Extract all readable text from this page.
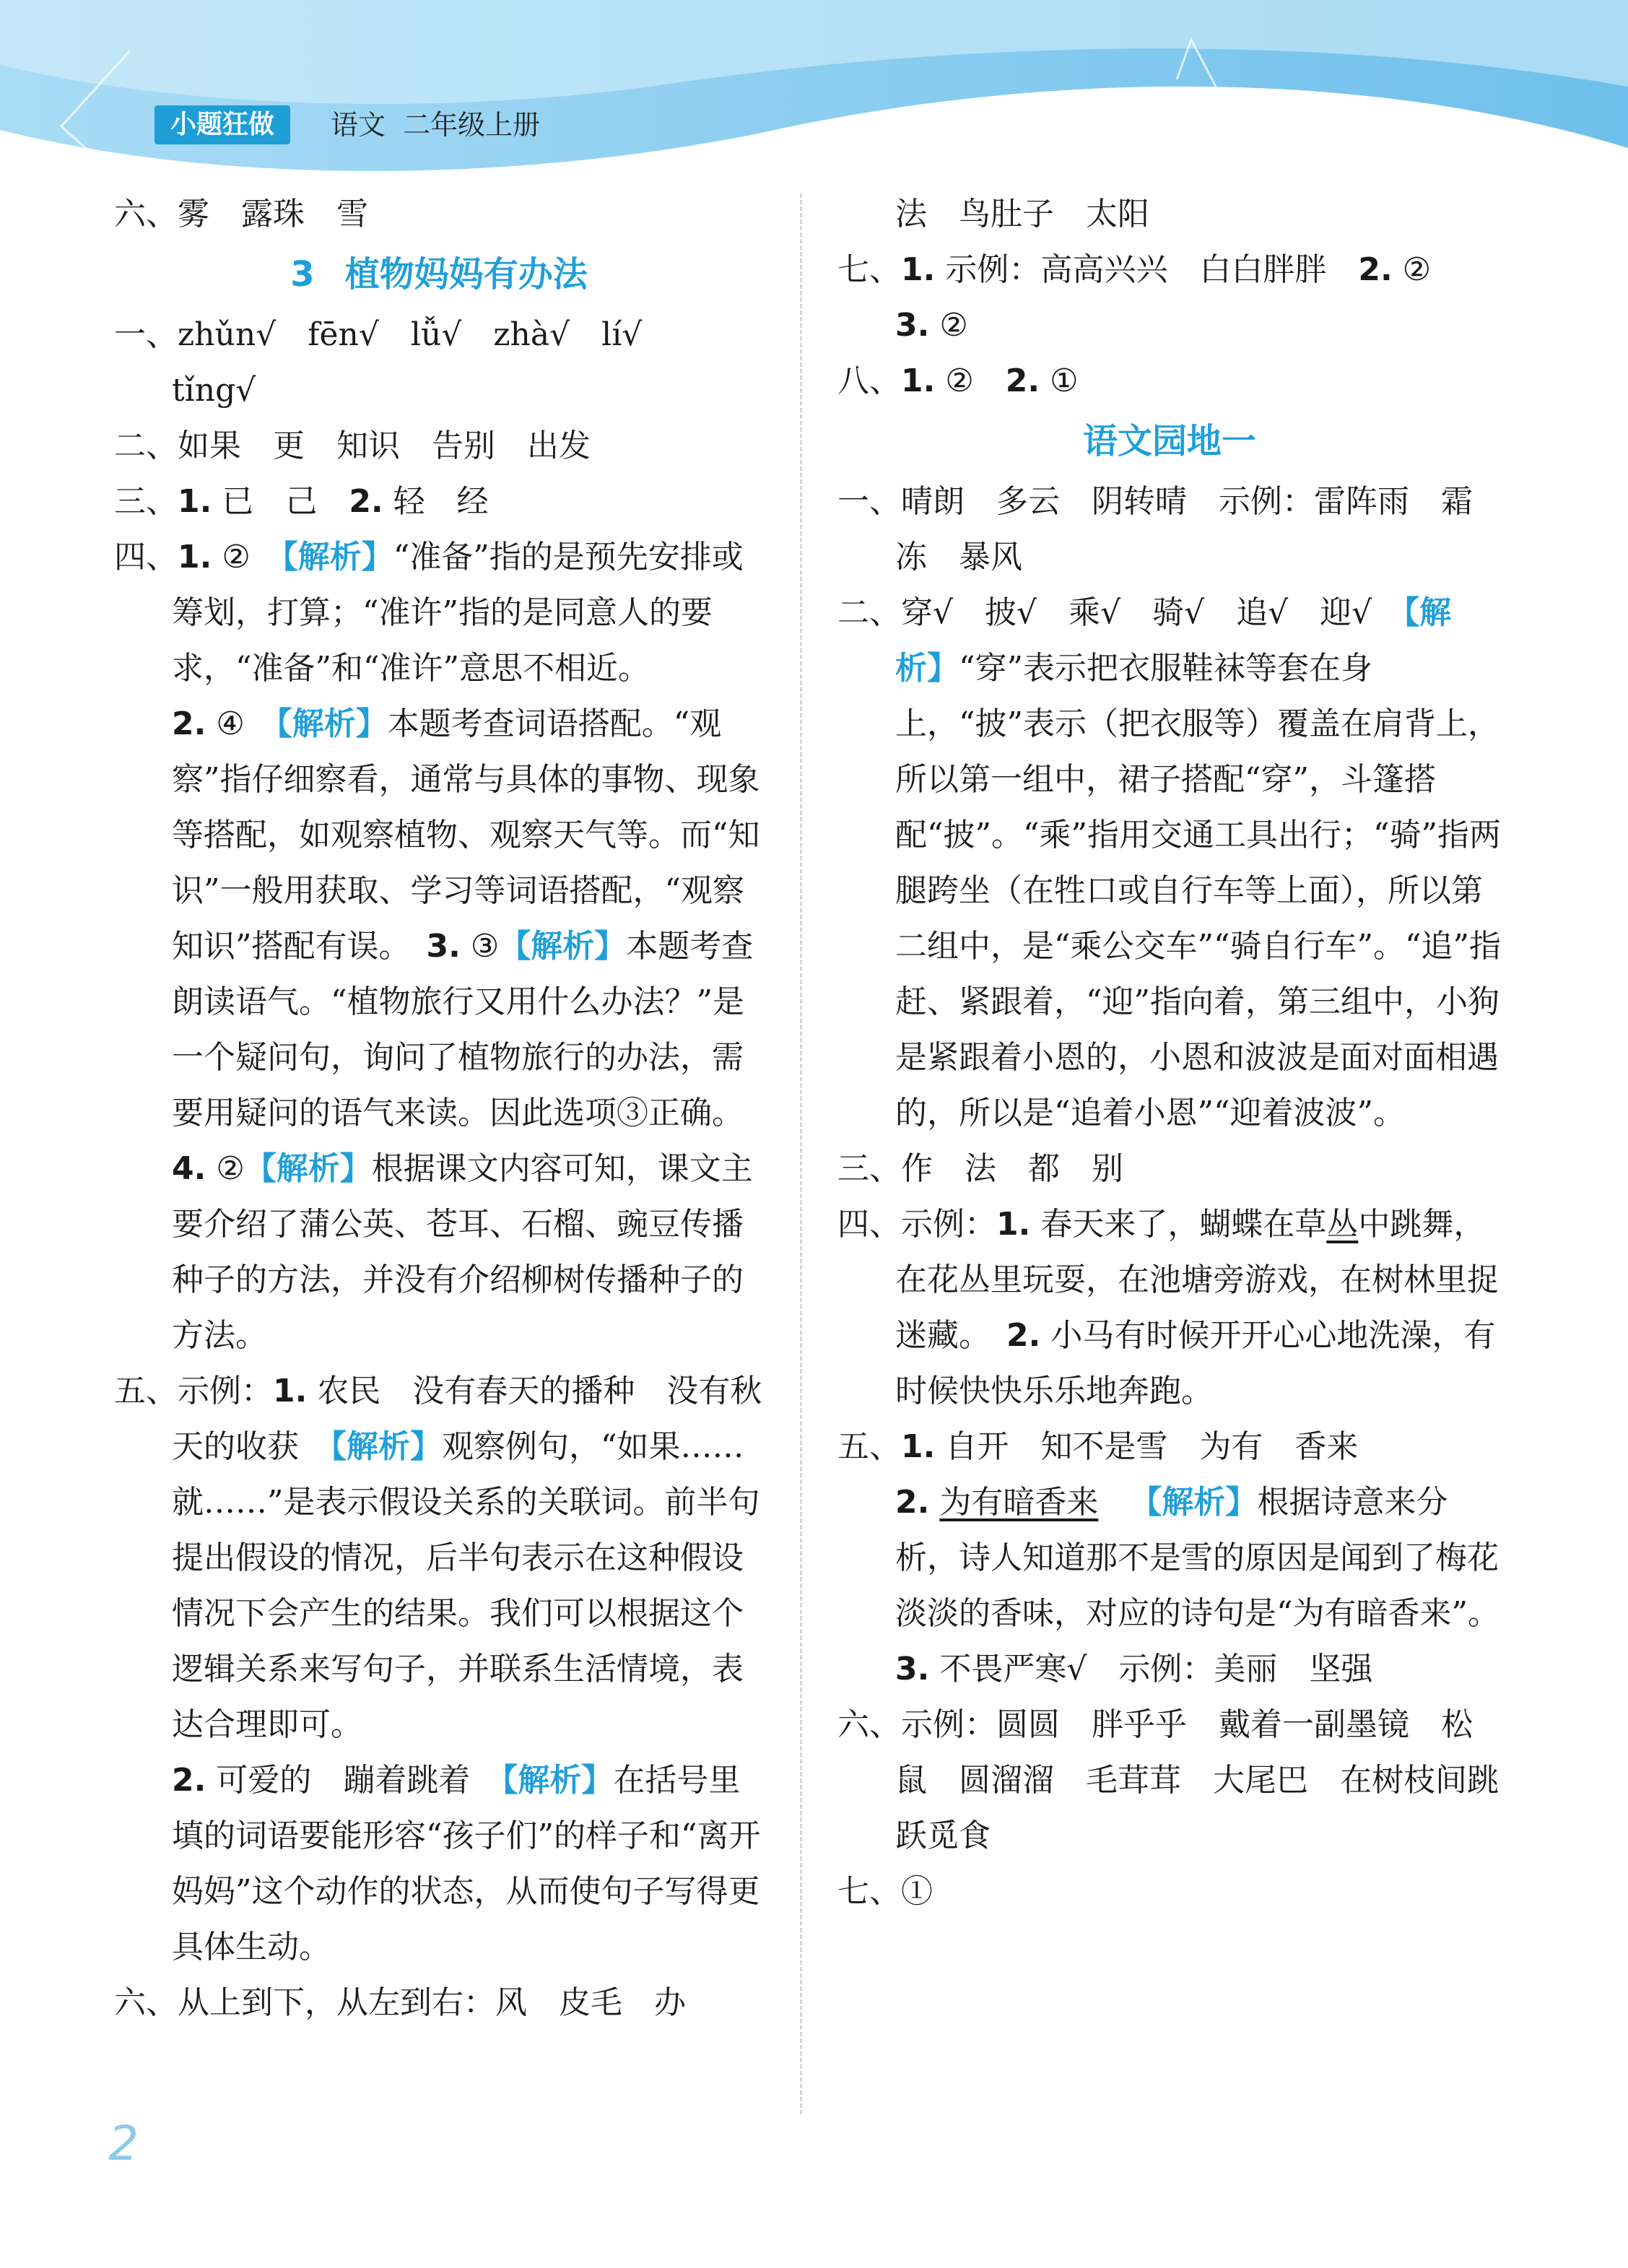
小题狂做	语文  二年级上册
六、雾　露珠　雪
3 植物妈妈有办法
一、zhǔn√　fēn√　lǚ√　zhà√　lí√
tǐng√
二、如果　更　知识　告别　出发
三、1. 已　己　2. 轻　经
四、1. ②　【解析】“准备”指的是预先安排或筹划，打算；“准许”指的是同意人的要求，“准备”和“准许”意思不相近。
2. ④　【解析】本题考查词语搭配。“观察”指仔细察看，通常与具体的事物、现象等搭配，如观察植物、观察天气等。而“知识”一般用获取、学习等词语搭配，“观察知识”搭配有误。　3. ③【解析】本题考查朗读语气。“植物旅行又用什么办法？”是一个疑问句，询问了植物旅行的办法，需要用疑问的语气来读。因此选项③正确。　4. ②【解析】根据课文内容可知，课文主要介绍了蒲公英、苍耳、石榴、豌豆传播种子的方法，并没有介绍柳树传播种子的方法。
五、示例：1. 农民　没有春天的播种　没有秋天的收获　【解析】观察例句，“如果……就……”是表示假设关系的关联词。前半句提出假设的情况，后半句表示在这种假设情况下会产生的结果。我们可以根据这个逻辑关系来写句子，并联系生活情境，表达合理即可。
2. 可爱的　蹦着跳着　【解析】在括号里填的词语要能形容“孩子们”的样子和“离开妈妈”这个动作的状态，从而使句子写得更具体生动。
六、从上到下，从左到右：风　皮毛　办
法　鸟肚子　太阳
七、1. 示例：高高兴兴　白白胖胖　2. ②
3. ②
八、1. ②　2. ①
语文园地一
一、晴朗　多云　阴转晴　示例：雷阵雨　霜冻　暴风
二、穿√　披√　乘√　骑√　追√　迎√　【解析】“穿”表示把衣服鞋袜等套在身上，“披”表示（把衣服等）覆盖在肩背上，所以第一组中，裙子搭配“穿”，斗篷搭配“披”。“乘”指用交通工具出行；“骑”指两腿跨坐（在牲口或自行车等上面），所以第二组中，是“乘公交车”“骑自行车”。“追”指赶、紧跟着，“迎”指向着，第三组中，小狗是紧跟着小恩的，小恩和波波是面对面相遇的，所以是“追着小恩”“迎着波波”。
三、作　法　都　别
四、示例：1. 春天来了，蝴蝶在草丛中跳舞，在花丛里玩耍，在池塘旁游戏，在树林里捉迷藏。　2. 小马有时候开开心心地洗澡，有时候快快乐乐地奔跑。
五、1. 自开　知不是雪　为有　香来
2. 为有暗香来 【解析】根据诗意来分析，诗人知道那不是雪的原因是闻到了梅花淡淡的香味，对应的诗句是“为有暗香来”。　3. 不畏严寒√　示例：美丽　坚强
六、示例：圆圆　胖乎乎　戴着一副墨镜　松鼠　圆溜溜　毛茸茸　大尾巴　在树枝间跳跃觅食
七、①
2
